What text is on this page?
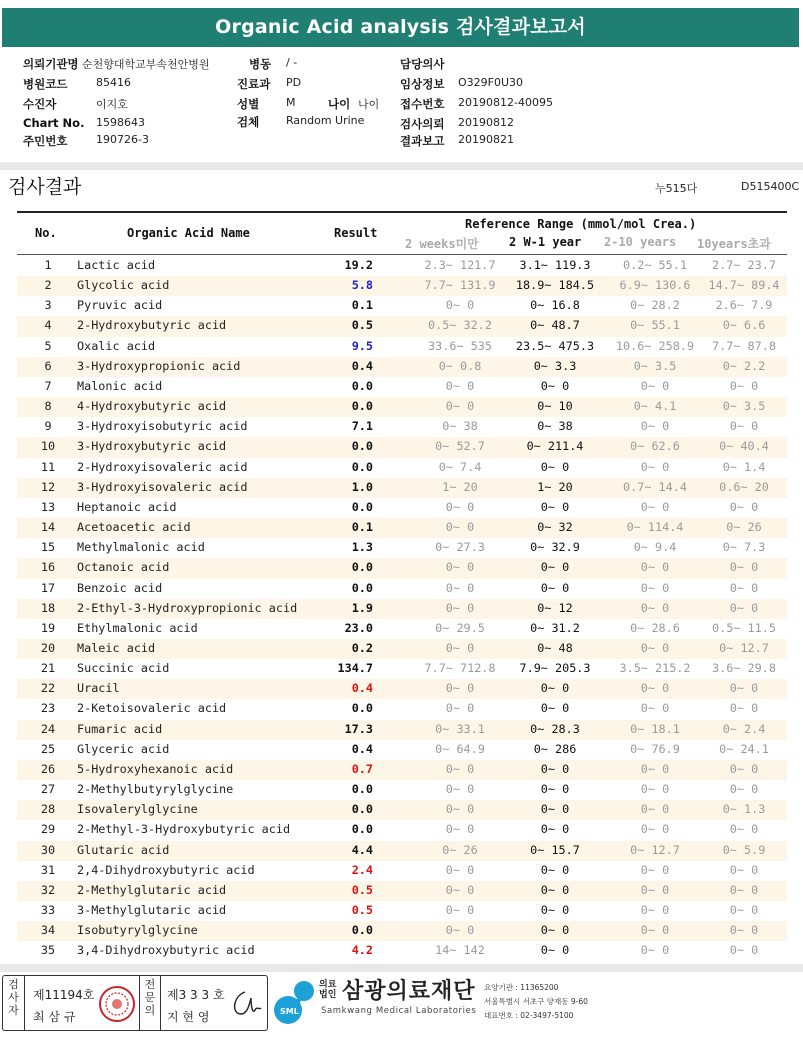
Organic Acid analysis 검사결과보고서
의뢰기관명 순천향대학교부속천안병원	병동 / -	담당의사
병원코드	85416	진료과 PD	임상정보 O329F0U30
수진자	이지호	성별 M	나이 나이 접수번호 20190812-40095
Chart No. 1598643	검체 Random Urine	검사의뢰 20190812
주민번호	190726-3	결과보고 20190821
검사결과	누515다	D515400C
No.	Organic Acid Name	Result
Reference Range (mmol/mol Crea.)
2 weeks미만	2 W-1 year 2-10 years 10years초과
1	Lactic acid	19.2	2.3~ 121.7	3.1~ 119.3	0.2~ 55.1	2.7~ 23.7
2	Glycolic acid	5.8	7.7~ 131.9	18.9~ 184.5	6.9~ 130.6	14.7~ 89.4
3	Pyruvic acid	0.1	0~ 0	0~ 16.8	0~ 28.2	2.6~ 7.9
4	2-Hydroxybutyric acid	0.5	0.5~ 32.2	0~ 48.7	0~ 55.1	0~ 6.6
5	Oxalic acid	9.5	33.6~ 535	23.5~ 475.3	10.6~ 258.9	7.7~ 87.8
6	3-Hydroxypropionic acid	0.4	0~ 0.8	0~ 3.3	0~ 3.5	0~ 2.2
7	Malonic acid	0.0	0~ 0	0~ 0	0~ 0	0~ 0
8	4-Hydroxybutyric acid	0.0	0~ 0	0~ 10	0~ 4.1	0~ 3.5
9	3-Hydroxyisobutyric acid	7.1	0~ 38	0~ 38	0~ 0	0~ 0
10	3-Hydroxybutyric acid	0.0	0~ 52.7	0~ 211.4	0~ 62.6	0~ 40.4
11	2-Hydroxyisovaleric acid	0.0	0~ 7.4	0~ 0	0~ 0	0~ 1.4
12	3-Hydroxyisovaleric acid	1.0	1~ 20	1~ 20	0.7~ 14.4	0.6~ 20
13	Heptanoic acid	0.0	0~ 0	0~ 0	0~ 0	0~ 0
14	Acetoacetic acid	0.1	0~ 0	0~ 32	0~ 114.4	0~ 26
15	Methylmalonic acid	1.3	0~ 27.3	0~ 32.9	0~ 9.4	0~ 7.3
16	Octanoic acid	0.0	0~ 0	0~ 0	0~ 0	0~ 0
17	Benzoic acid	0.0	0~ 0	0~ 0	0~ 0	0~ 0
18	2-Ethyl-3-Hydroxypropionic acid	1.9	0~ 0	0~ 12	0~ 0	0~ 0
19	Ethylmalonic acid	23.0	0~ 29.5	0~ 31.2	0~ 28.6	0.5~ 11.5
20	Maleic acid	0.2	0~ 0	0~ 48	0~ 0	0~ 12.7
21	Succinic acid	134.7	7.7~ 712.8	7.9~ 205.3	3.5~ 215.2	3.6~ 29.8
22	Uracil	0.4	0~ 0	0~ 0	0~ 0	0~ 0
23	2-Ketoisovaleric acid	0.0	0~ 0	0~ 0	0~ 0	0~ 0
24	Fumaric acid	17.3	0~ 33.1	0~ 28.3	0~ 18.1	0~ 2.4
25	Glyceric acid	0.4	0~ 64.9	0~ 286	0~ 76.9	0~ 24.1
26	5-Hydroxyhexanoic acid	0.7	0~ 0	0~ 0	0~ 0	0~ 0
27	2-Methylbutyrylglycine	0.0	0~ 0	0~ 0	0~ 0	0~ 0
28	Isovalerylglycine	0.0	0~ 0	0~ 0	0~ 0	0~ 1.3
29	2-Methyl-3-Hydroxybutyric acid	0.0	0~ 0	0~ 0	0~ 0	0~ 0
30	Glutaric acid	4.4	0~ 26	0~ 15.7	0~ 12.7	0~ 5.9
31	2,4-Dihydroxybutyric acid	2.4	0~ 0	0~ 0	0~ 0	0~ 0
32	2-Methylglutaric acid	0.5	0~ 0	0~ 0	0~ 0	0~ 0
33	3-Methylglutaric acid	0.5	0~ 0	0~ 0	0~ 0	0~ 0
34	Isobutyrylglycine	0.0	0~ 0	0~ 0	0~ 0	0~ 0
35	3,4-Dihydroxybutyric acid	4.2	14~ 142	0~ 0	0~ 0	0~ 0
검
사
자
제11194호
최 삼 규
전
문
의
제3 3 3 호
지 현 영	SML
의료
법인 삼광의료재단
Samkwang Medical Laboratories
요양기관 : 11365200
서울특별시 서초구 양재동 9-60
대표번호 : 02-3497-5100
